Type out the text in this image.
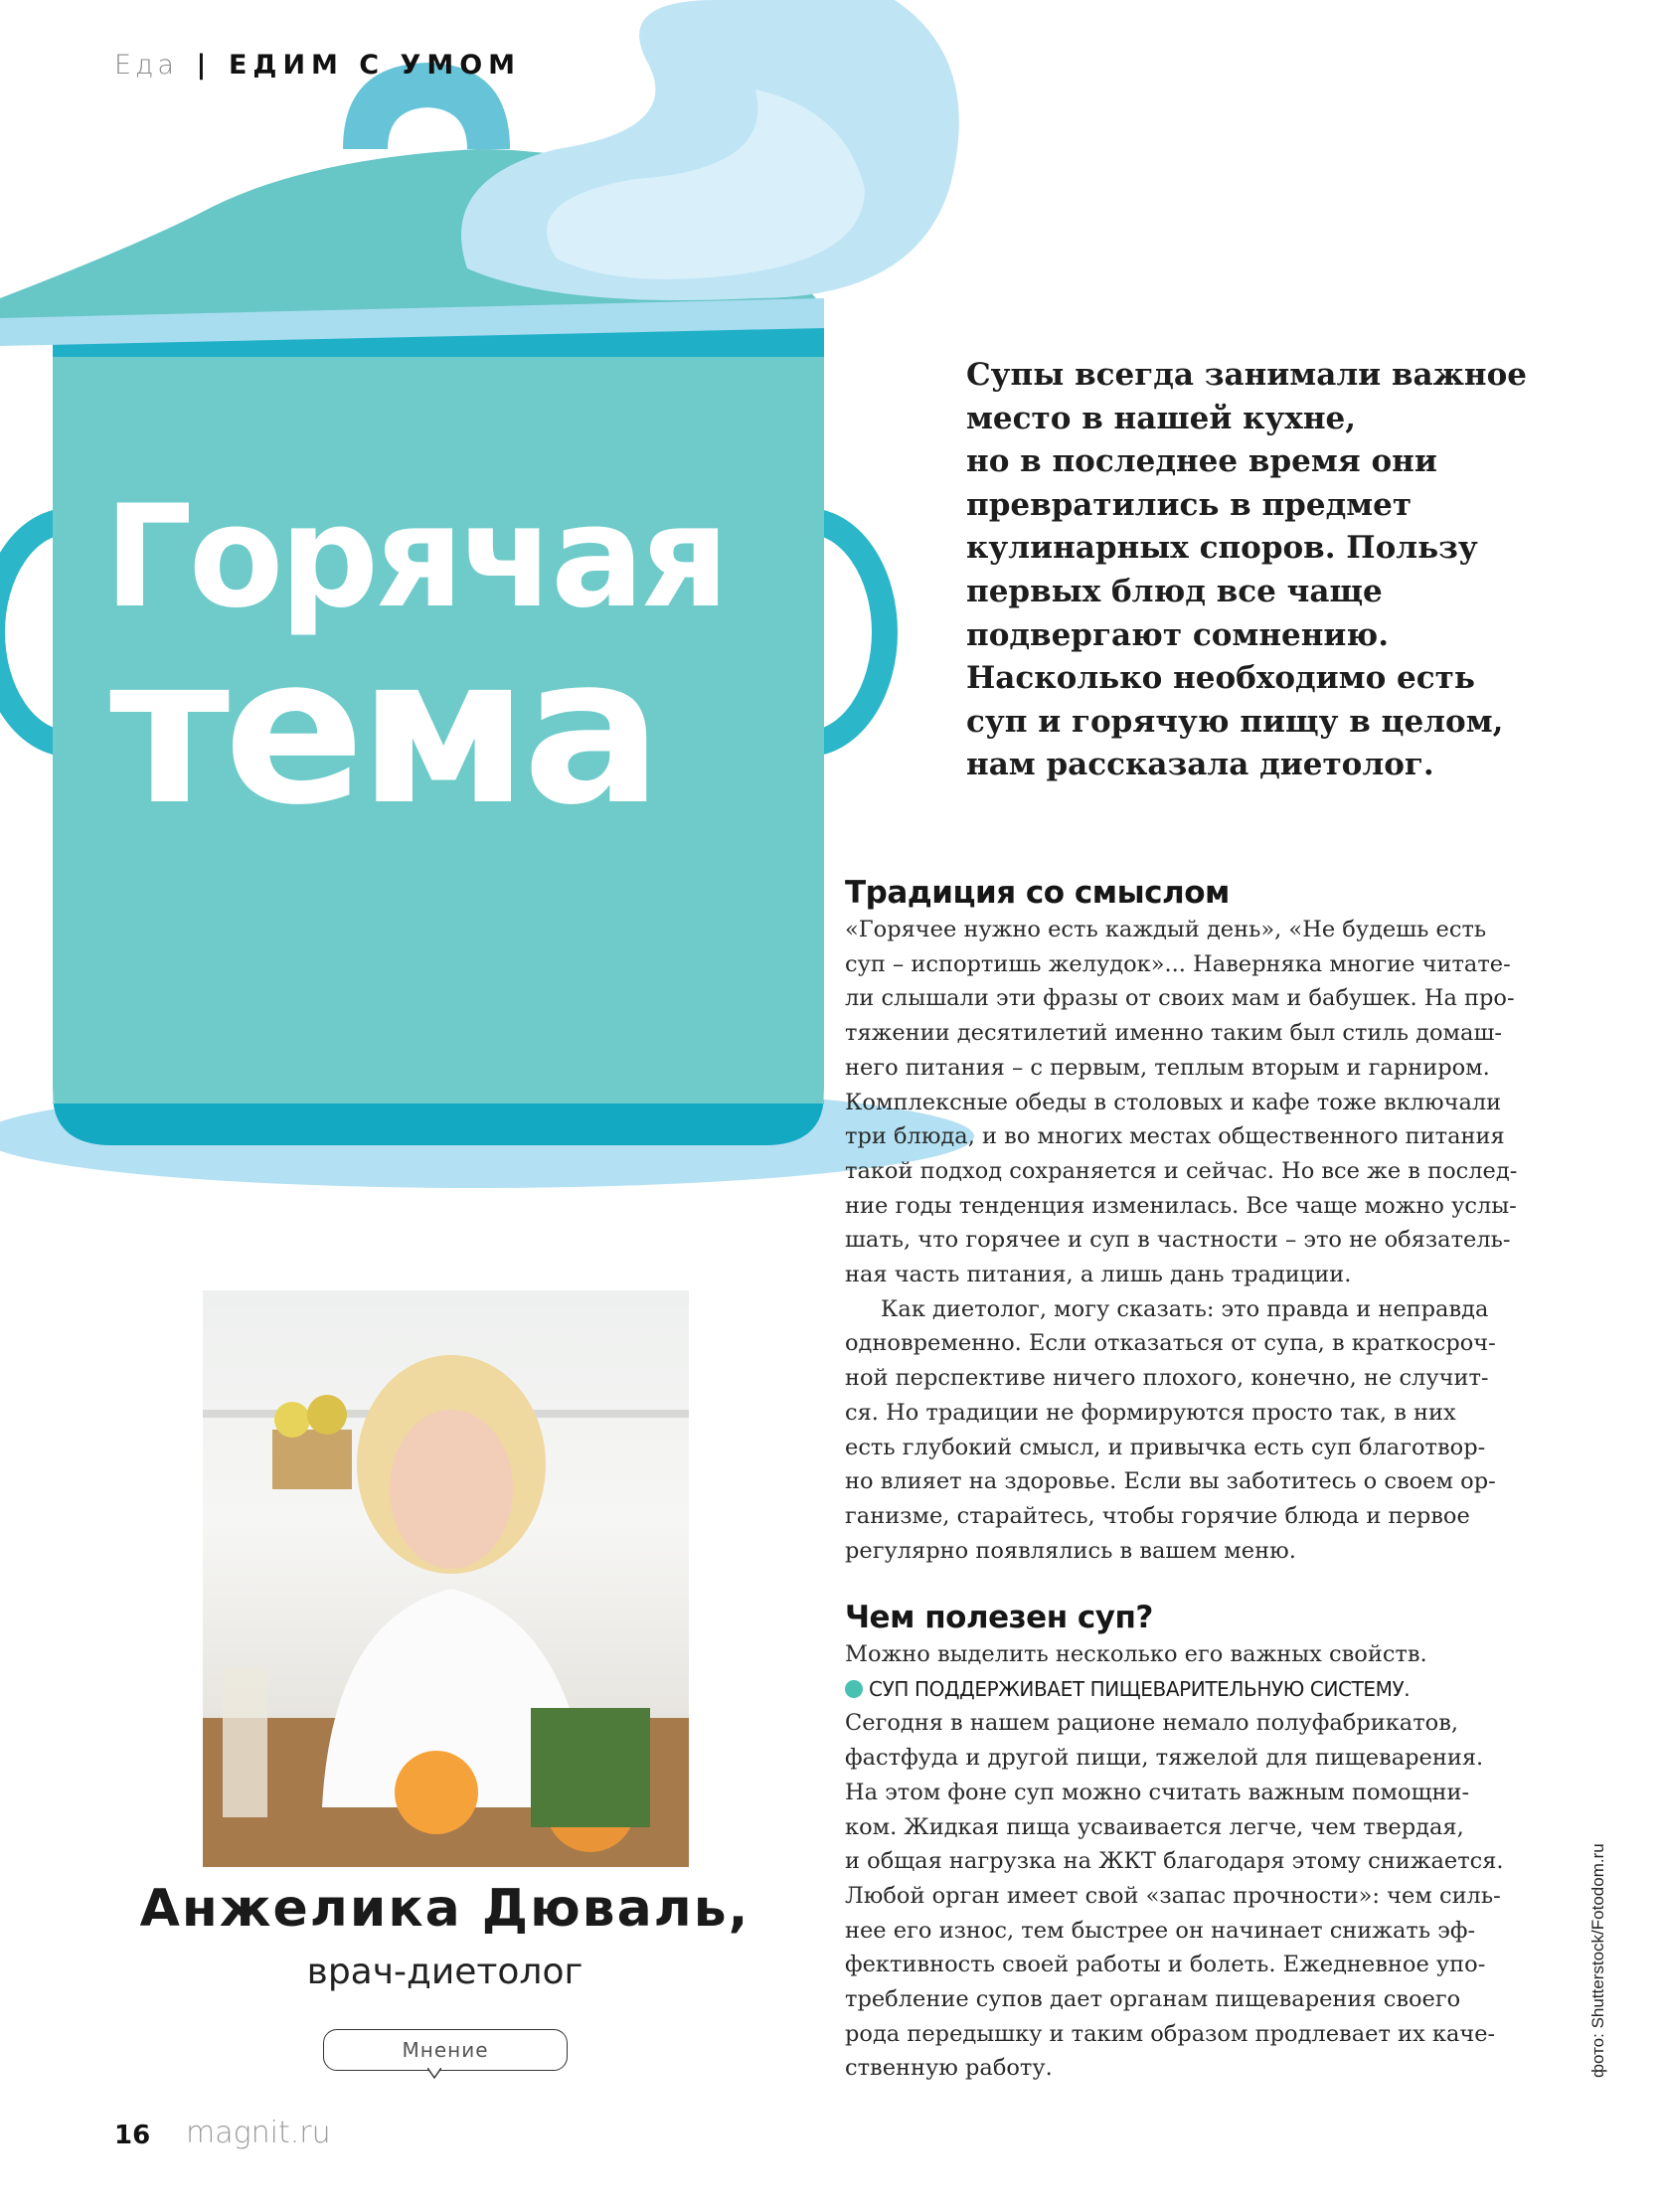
Еда | ЕДИМ С УМОМ
Горячая
тема
Супы всегда занимали важное
место в нашей кухне,
но в последнее время они
превратились в предмет
кулинарных споров. Пользу
первых блюд все чаще
подвергают сомнению.
Насколько необходимо есть
суп и горячую пищу в целом,
нам рассказала диетолог.
Традиция со смыслом
«Горячее нужно есть каждый день», «Не будешь есть
суп – испортишь желудок»... Наверняка многие читате-
ли слышали эти фразы от своих мам и бабушек. На про-
тяжении десятилетий именно таким был стиль домаш-
него питания – с первым, теплым вторым и гарниром.
Комплексные обеды в столовых и кафе тоже включали
три блюда, и во многих местах общественного питания
такой подход сохраняется и сейчас. Но все же в послед-
ние годы тенденция изменилась. Все чаще можно услы-
шать, что горячее и суп в частности – это не обязатель-
ная часть питания, а лишь дань традиции.
Как диетолог, могу сказать: это правда и неправда
одновременно. Если отказаться от супа, в краткосроч-
ной перспективе ничего плохого, конечно, не случит-
ся. Но традиции не формируются просто так, в них
есть глубокий смысл, и привычка есть суп благотвор-
но влияет на здоровье. Если вы заботитесь о своем ор-
ганизме, старайтесь, чтобы горячие блюда и первое
регулярно появлялись в вашем меню.
Чем полезен суп?
Можно выделить несколько его важных свойств.
СУП ПОДДЕРЖИВАЕТ ПИЩЕВАРИТЕЛЬНУЮ СИСТЕМУ.
Сегодня в нашем рационе немало полуфабрикатов,
фастфуда и другой пищи, тяжелой для пищеварения.
На этом фоне суп можно считать важным помощни-
ком. Жидкая пища усваивается легче, чем твердая,
и общая нагрузка на ЖКТ благодаря этому снижается.
Любой орган имеет свой «запас прочности»: чем силь-
нее его износ, тем быстрее он начинает снижать эф-
фективность своей работы и болеть. Ежедневное упо-
требление супов дает органам пищеварения своего
рода передышку и таким образом продлевает их каче-
ственную работу.
Анжелика Дюваль,
врач-диетолог
Мнение
16 magnit.ru
фото: Shutterstock/Fotodom.ru
